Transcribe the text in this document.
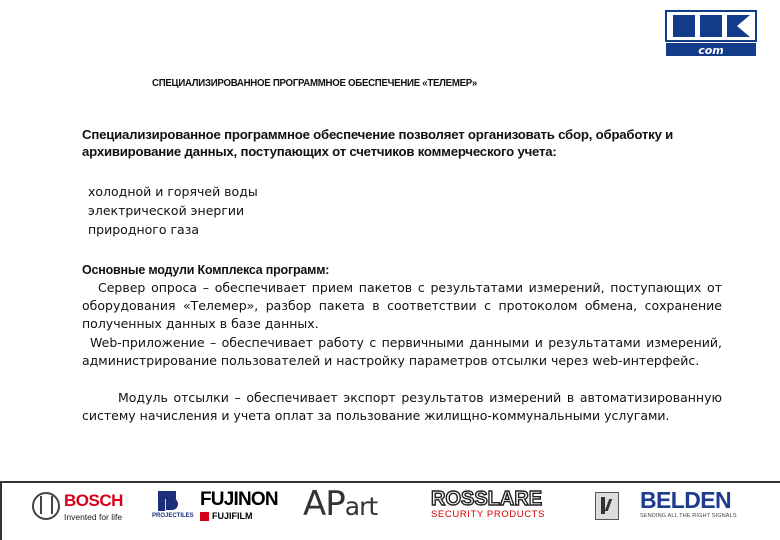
com
СПЕЦИАЛИЗИРОВАННОЕ ПРОГРАММНОЕ ОБЕСПЕЧЕНИЕ «ТЕЛЕМЕР»
Специализированное программное обеспечение позволяет организовать сбор, обработку и архивирование данных, поступающих от счетчиков коммерческого учета:
холодной и горячей воды
электрической энергии
природного газа
Основные модули Комплекса программ:
Сервер опроса – обеспечивает прием пакетов с результатами измерений, поступающих от оборудования «Телемер», разбор пакета в соответствии с протоколом обмена, сохранение полученных данных в базе данных.
Web-приложение – обеспечивает работу с первичными данными и результатами измерений, администрирование пользователей и настройку параметров отсылки через web-интерфейс.
Модуль отсылки – обеспечивает экспорт результатов измерений в автоматизированную систему начисления и учета оплат за пользование жилищно-коммунальными услугами.
BOSCH
Invented for life	PROJECTILES
FUJINON
FUJIFILM APart	ROSSLARE
SECURITY PRODUCTS
BELDEN
SENDING ALL THE RIGHT SIGNALS
